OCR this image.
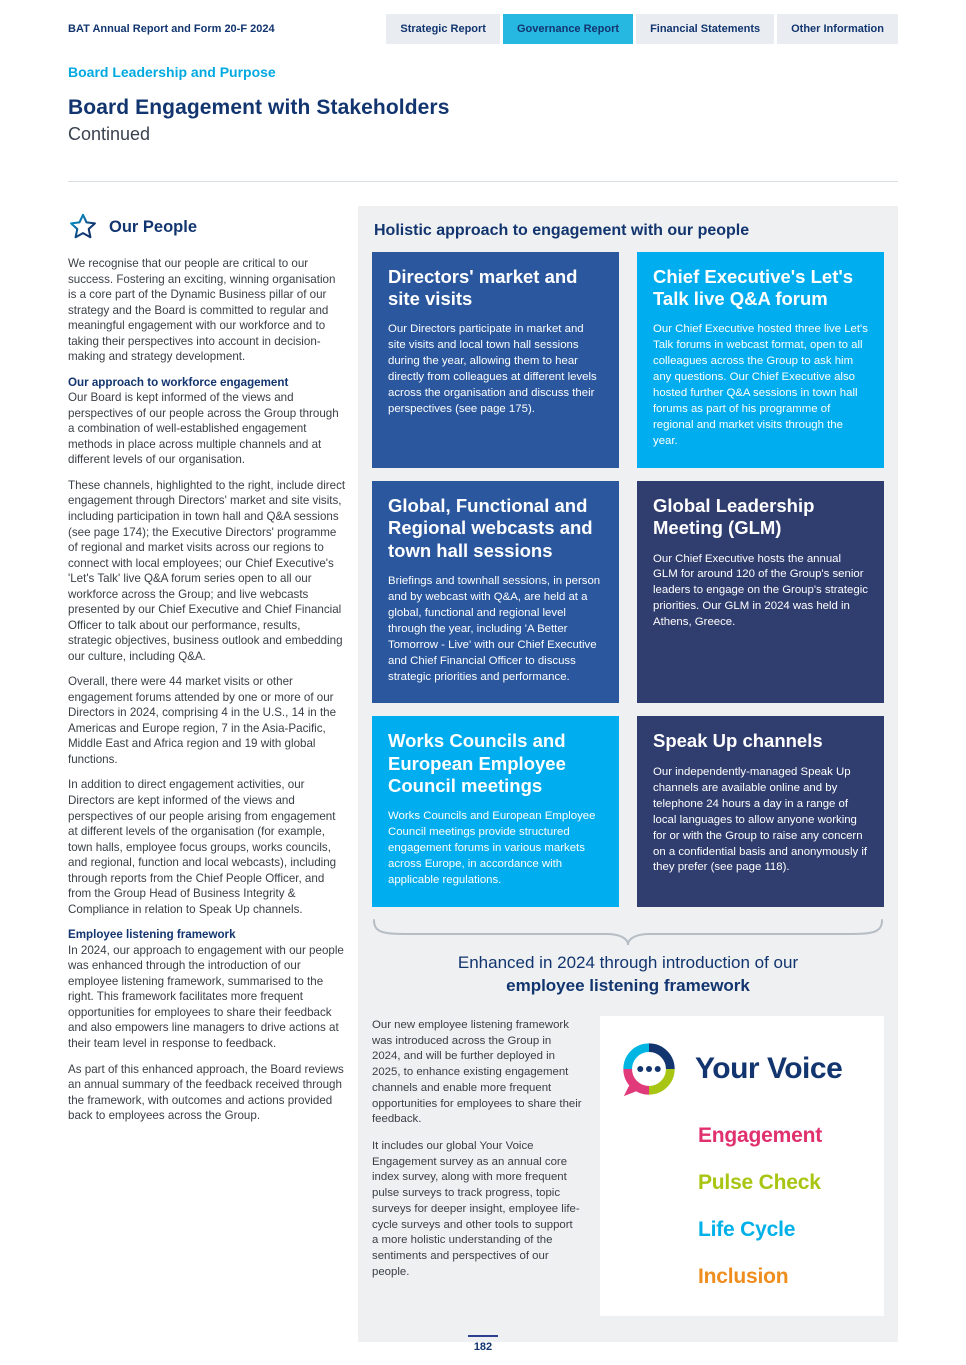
BAT Annual Report and Form 20-F 2024	Strategic Report	Governance Report	Financial Statements	Other Information
Board Leadership and Purpose
Board Engagement with Stakeholders
Continued
Our People

We recognise that our people are critical to our success. Fostering an exciting, winning organisation is a core part of the Dynamic Business pillar of our strategy and the Board is committed to regular and meaningful engagement with our workforce and to taking their perspectives into account in decision-making and strategy development.

Our approach to workforce engagement

Our Board is kept informed of the views and perspectives of our people across the Group through a combination of well-established engagement methods in place across multiple channels and at different levels of our organisation.

These channels, highlighted to the right, include direct engagement through Directors' market and site visits, including participation in town hall and Q&A sessions (see page 174); the Executive Directors' programme of regional and market visits across our regions to connect with local employees; our Chief Executive's 'Let's Talk' live Q&A forum series open to all our workforce across the Group; and live webcasts presented by our Chief Executive and Chief Financial Officer to talk about our performance, results, strategic objectives, business outlook and embedding our culture, including Q&A.

Overall, there were 44 market visits or other engagement forums attended by one or more of our Directors in 2024, comprising 4 in the U.S., 14 in the Americas and Europe region, 7 in the Asia-Pacific, Middle East and Africa region and 19 with global functions.

In addition to direct engagement activities, our Directors are kept informed of the views and perspectives of our people arising from engagement at different levels of the organisation (for example, town halls, employee focus groups, works councils, and regional, function and local webcasts), including through reports from the Chief People Officer, and from the Group Head of Business Integrity & Compliance in relation to Speak Up channels.

Employee listening framework

In 2024, our approach to engagement with our people was enhanced through the introduction of our employee listening framework, summarised to the right. This framework facilitates more frequent opportunities for employees to share their feedback and also empowers line managers to drive actions at their team level in response to feedback.

As part of this enhanced approach, the Board reviews an annual summary of the feedback received through the framework, with outcomes and actions provided back to employees across the Group.

Holistic approach to engagement with our people
Directors' market and site visits

Our Directors participate in market and site visits and local town hall sessions during the year, allowing them to hear directly from colleagues at different levels across the organisation and discuss their perspectives (see page 175).

Chief Executive's Let's Talk live Q&A forum

Our Chief Executive hosted three live Let's Talk forums in webcast format, open to all colleagues across the Group to ask him any questions. Our Chief Executive also hosted further Q&A sessions in town hall forums as part of his programme of regional and market visits through the year.

Global, Functional and Regional webcasts and town hall sessions

Briefings and townhall sessions, in person and by webcast with Q&A, are held at a global, functional and regional level through the year, including 'A Better Tomorrow - Live' with our Chief Executive and Chief Financial Officer to discuss strategic priorities and performance.

Global Leadership Meeting (GLM)

Our Chief Executive hosts the annual GLM for around 120 of the Group's senior leaders to engage on the Group's strategic priorities. Our GLM in 2024 was held in Athens, Greece.

Works Councils and European Employee Council meetings

Works Councils and European Employee Council meetings provide structured engagement forums in various markets across Europe, in accordance with applicable regulations.

Speak Up channels

Our independently-managed Speak Up channels are available online and by telephone 24 hours a day in a range of local languages to allow anyone working for or with the Group to raise any concern on a confidential basis and anonymously if they prefer (see page 118).

Enhanced in 2024 through introduction of our
employee listening framework

Our new employee listening framework was introduced across the Group in 2024, and will be further deployed in 2025, to enhance existing engagement channels and enable more frequent opportunities for employees to share their feedback.

It includes our global Your Voice Engagement survey as an annual core index survey, along with more frequent pulse surveys to track progress, topic surveys for deeper insight, employee life-cycle surveys and other tools to support a more holistic understanding of the sentiments and perspectives of our people.

Your Voice
Engagement
Pulse Check
Life Cycle
Inclusion
182
